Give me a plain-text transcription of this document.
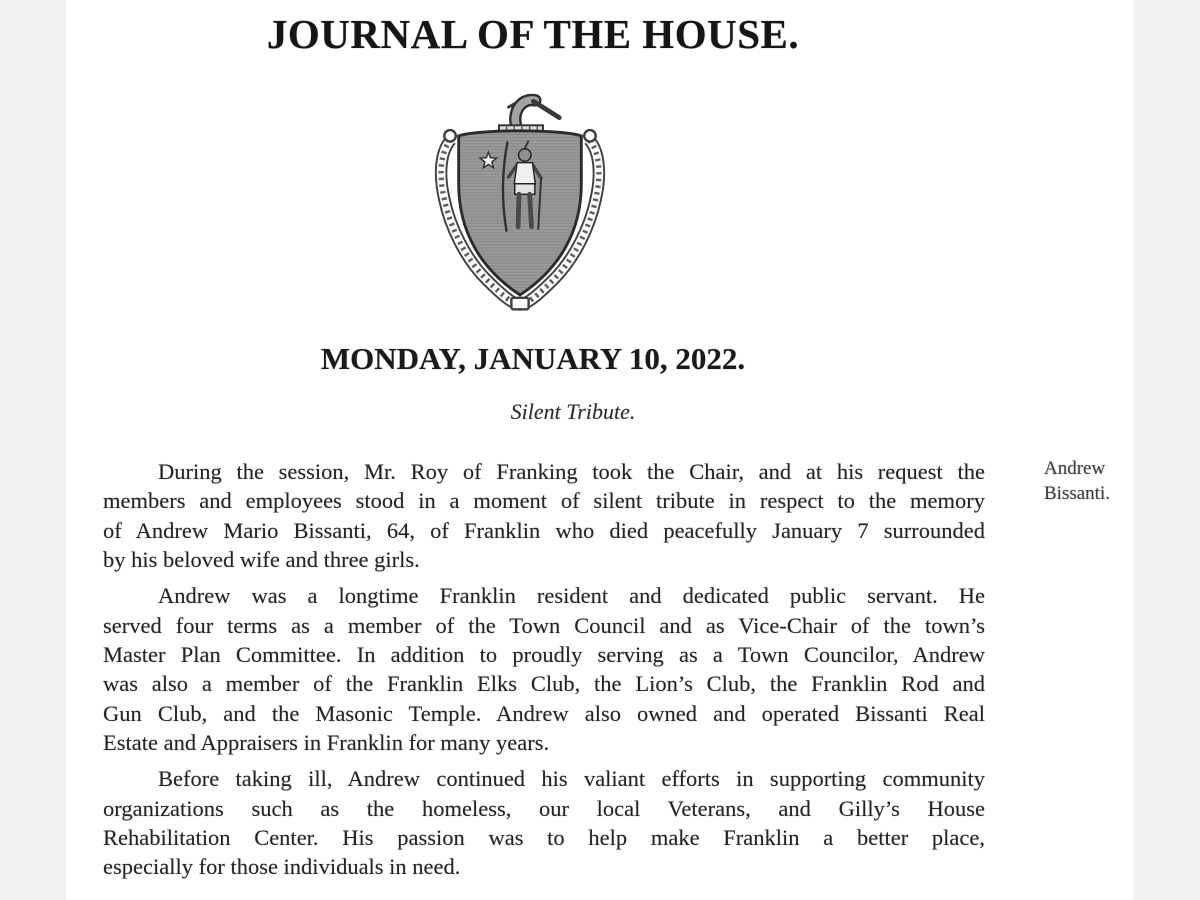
JOURNAL OF THE HOUSE.
MONDAY, JANUARY 10, 2022.
Silent Tribute.
During the session, Mr. Roy of Franking took the Chair, and at his request the
members and employees stood in a moment of silent tribute in respect to the memory
of Andrew Mario Bissanti, 64, of Franklin who died peacefully January 7 surrounded
by his beloved wife and three girls.
Andrew was a longtime Franklin resident and dedicated public servant. He
served four terms as a member of the Town Council and as Vice-Chair of the town’s
Master Plan Committee. In addition to proudly serving as a Town Councilor, Andrew
was also a member of the Franklin Elks Club, the Lion’s Club, the Franklin Rod and
Gun Club, and the Masonic Temple. Andrew also owned and operated Bissanti Real
Estate and Appraisers in Franklin for many years.
Before taking ill, Andrew continued his valiant efforts in supporting community
organizations such as the homeless, our local Veterans, and Gilly’s House
Rehabilitation Center. His passion was to help make Franklin a better place,
especially for those individuals in need.
Andrew
Bissanti.
